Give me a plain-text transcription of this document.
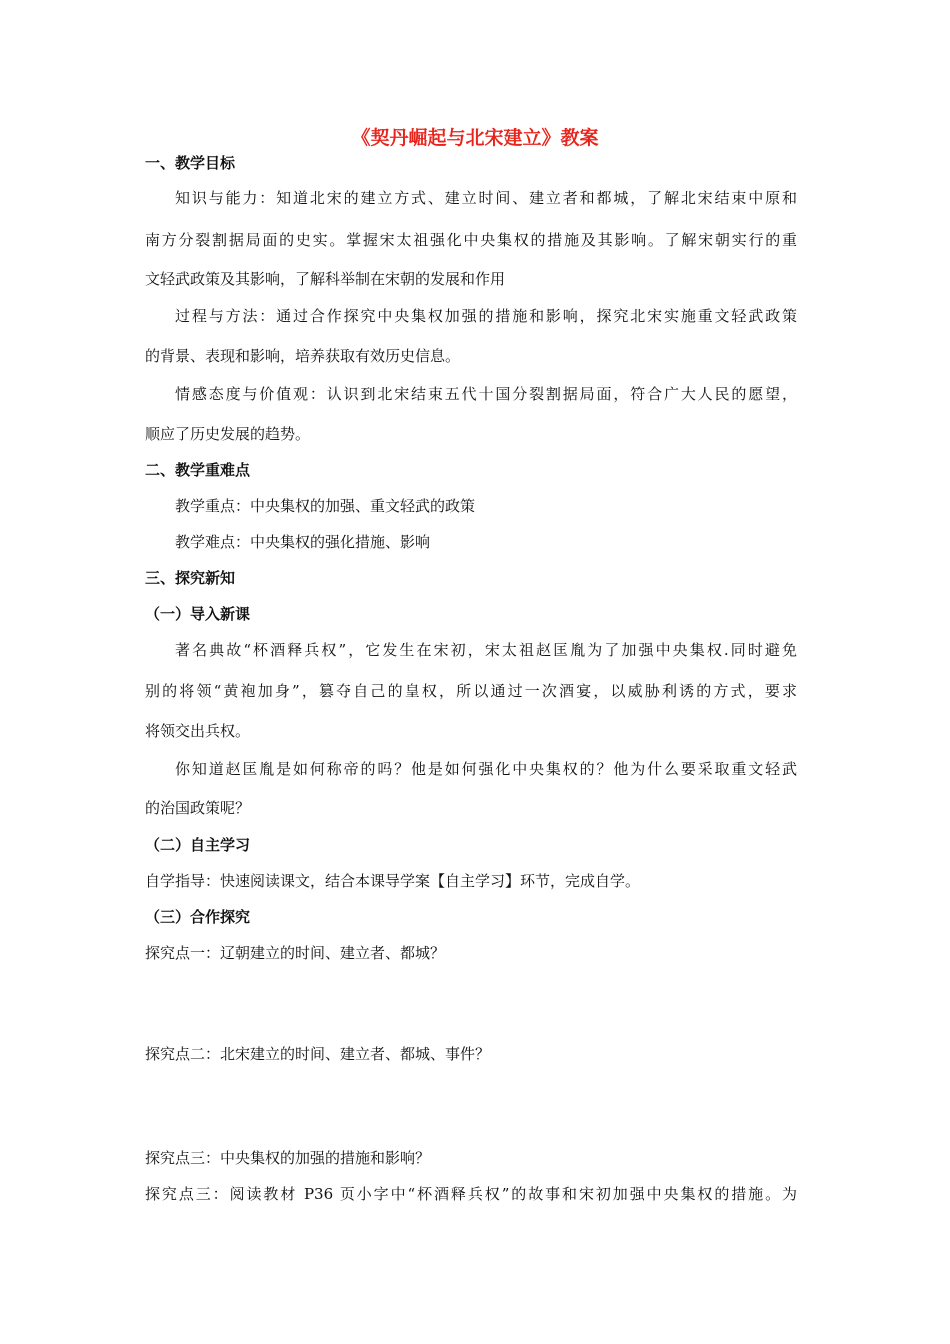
《契丹崛起与北宋建立》教案
一、教学目标
知识与能力：知道北宋的建立方式、建立时间、建立者和都城，了解北宋结束中原和
南方分裂割据局面的史实。掌握宋太祖强化中央集权的措施及其影响。了解宋朝实行的重
文轻武政策及其影响，了解科举制在宋朝的发展和作用
过程与方法：通过合作探究中央集权加强的措施和影响，探究北宋实施重文轻武政策
的背景、表现和影响，培养获取有效历史信息。
情感态度与价值观：认识到北宋结束五代十国分裂割据局面，符合广大人民的愿望，
顺应了历史发展的趋势。
二、教学重难点
教学重点：中央集权的加强、重文轻武的政策
教学难点：中央集权的强化措施、影响
三、探究新知
（一）导入新课
著名典故“杯酒释兵权”，它发生在宋初，宋太祖赵匡胤为了加强中央集权.同时避免
别的将领“黄袍加身”，篡夺自己的皇权，所以通过一次酒宴，以威胁利诱的方式，要求
将领交出兵权。
你知道赵匡胤是如何称帝的吗？他是如何强化中央集权的？他为什么要采取重文轻武
的治国政策呢？
（二）自主学习
自学指导：快速阅读课文，结合本课导学案【自主学习】环节，完成自学。
（三）合作探究
探究点一：辽朝建立的时间、建立者、都城？
探究点二：北宋建立的时间、建立者、都城、事件？
探究点三：中央集权的加强的措施和影响？
探究点三：阅读教材 P36 页小字中“杯酒释兵权”的故事和宋初加强中央集权的措施。为
